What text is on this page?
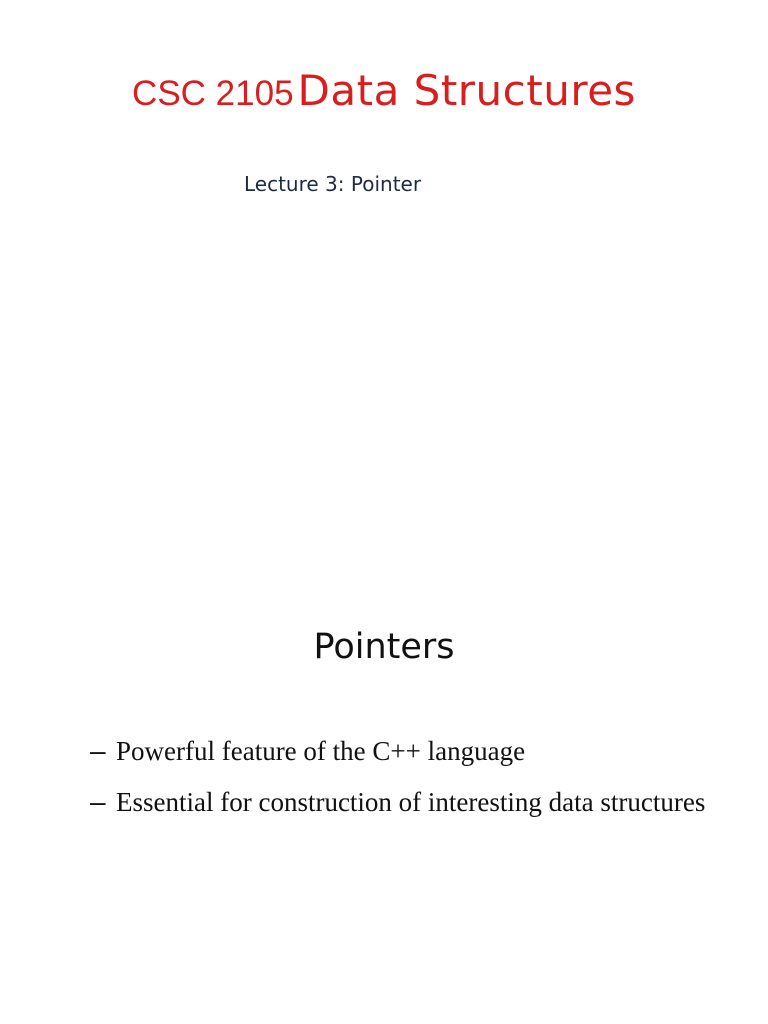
CSC 2105 Data Structures
Lecture 3: Pointer
Pointers
– Powerful feature of the C++ language
– Essential for construction of interesting data structures
